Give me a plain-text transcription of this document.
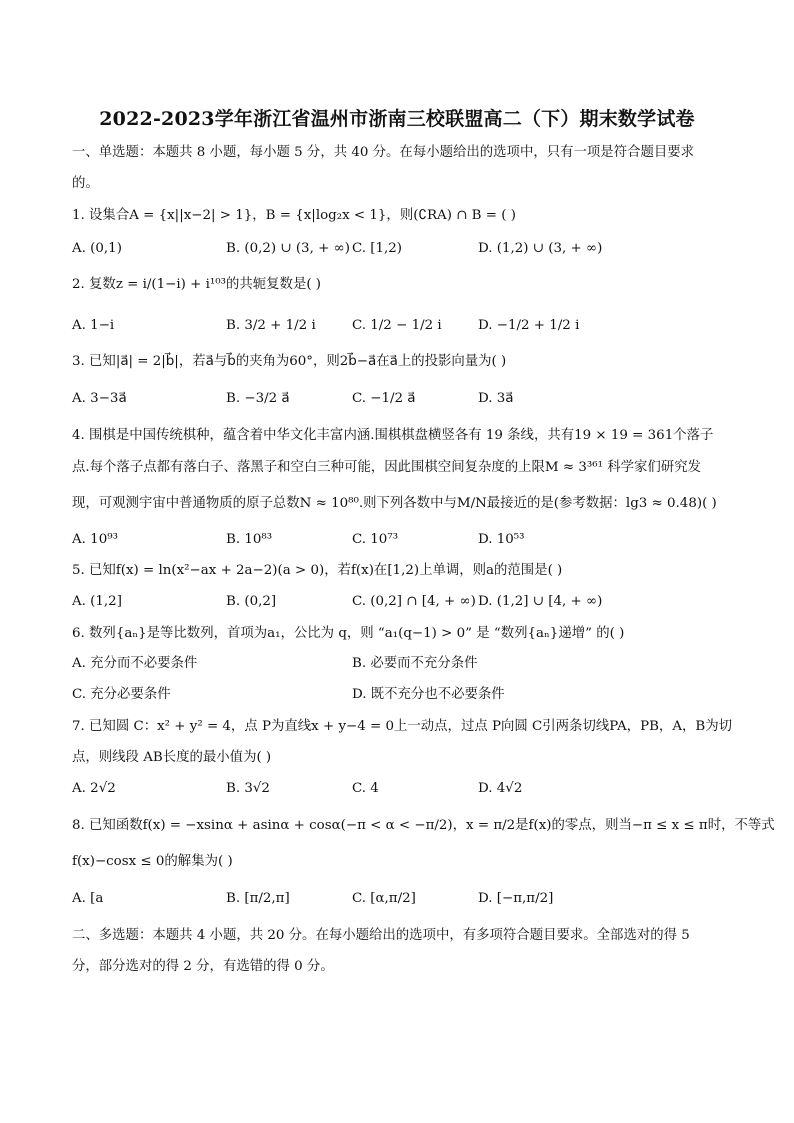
2022-2023学年浙江省温州市浙南三校联盟高二（下）期末数学试卷
一、单选题：本题共 8 小题，每小题 5 分，共 40 分。在每小题给出的选项中，只有一项是符合题目要求
的。
1. 设集合A = {x||x−2| > 1}，B = {x|log₂x < 1}，则(∁RA) ∩ B = ( )
A. (0,1)	B. (0,2) ∪ (3, + ∞) C. [1,2)	D. (1,2) ∪ (3, + ∞)
2. 复数z = i/(1−i) + i¹⁰³的共轭复数是( )
A. 1−i	B. 3/2 + 1/2 i	C. 1/2 − 1/2 i	D. −1/2 + 1/2 i
3. 已知|a⃗| = 2|b⃗|，若a⃗与b⃗的夹角为60°，则2b⃗−a⃗在a⃗上的投影向量为( )
A. 3−3a⃗	B. −3/2 a⃗	C. −1/2 a⃗	D. 3a⃗
4. 围棋是中国传统棋种，蕴含着中华文化丰富内涵.围棋棋盘横竖各有 19 条线，共有19 × 19 = 361个落子
点.每个落子点都有落白子、落黑子和空白三种可能，因此围棋空间复杂度的上限M ≈ 3³⁶¹ 科学家们研究发
现，可观测宇宙中普通物质的原子总数N ≈ 10⁸⁰.则下列各数中与M/N最接近的是(参考数据：lg3 ≈ 0.48)( )
A. 10⁹³	B. 10⁸³	C. 10⁷³	D. 10⁵³
5. 已知f(x) = ln(x²−ax + 2a−2)(a > 0)，若f(x)在[1,2)上单调，则a的范围是( )
A. (1,2]	B. (0,2]	C. (0,2] ∩ [4, + ∞) D. (1,2] ∪ [4, + ∞)
6. 数列{aₙ}是等比数列，首项为a₁，公比为 q，则 “a₁(q−1) > 0” 是 “数列{aₙ}递增” 的( )
A. 充分而不必要条件	B. 必要而不充分条件
C. 充分必要条件	D. 既不充分也不必要条件
7. 已知圆 C：x² + y² = 4，点 P为直线x + y−4 = 0上一动点，过点 P向圆 C引两条切线PA，PB，A，B为切
点，则线段 AB长度的最小值为( )
A. 2√2	B. 3√2	C. 4	D. 4√2
8. 已知函数f(x) = −xsinα + asinα + cosα(−π < α < −π/2)，x = π/2是f(x)的零点，则当−π ≤ x ≤ π时，不等式
f(x)−cosx ≤ 0的解集为( )
A. [a	B. [π/2,π]	C. [α,π/2]	D. [−π,π/2]
二、多选题：本题共 4 小题，共 20 分。在每小题给出的选项中，有多项符合题目要求。全部选对的得 5
分，部分选对的得 2 分，有选错的得 0 分。
